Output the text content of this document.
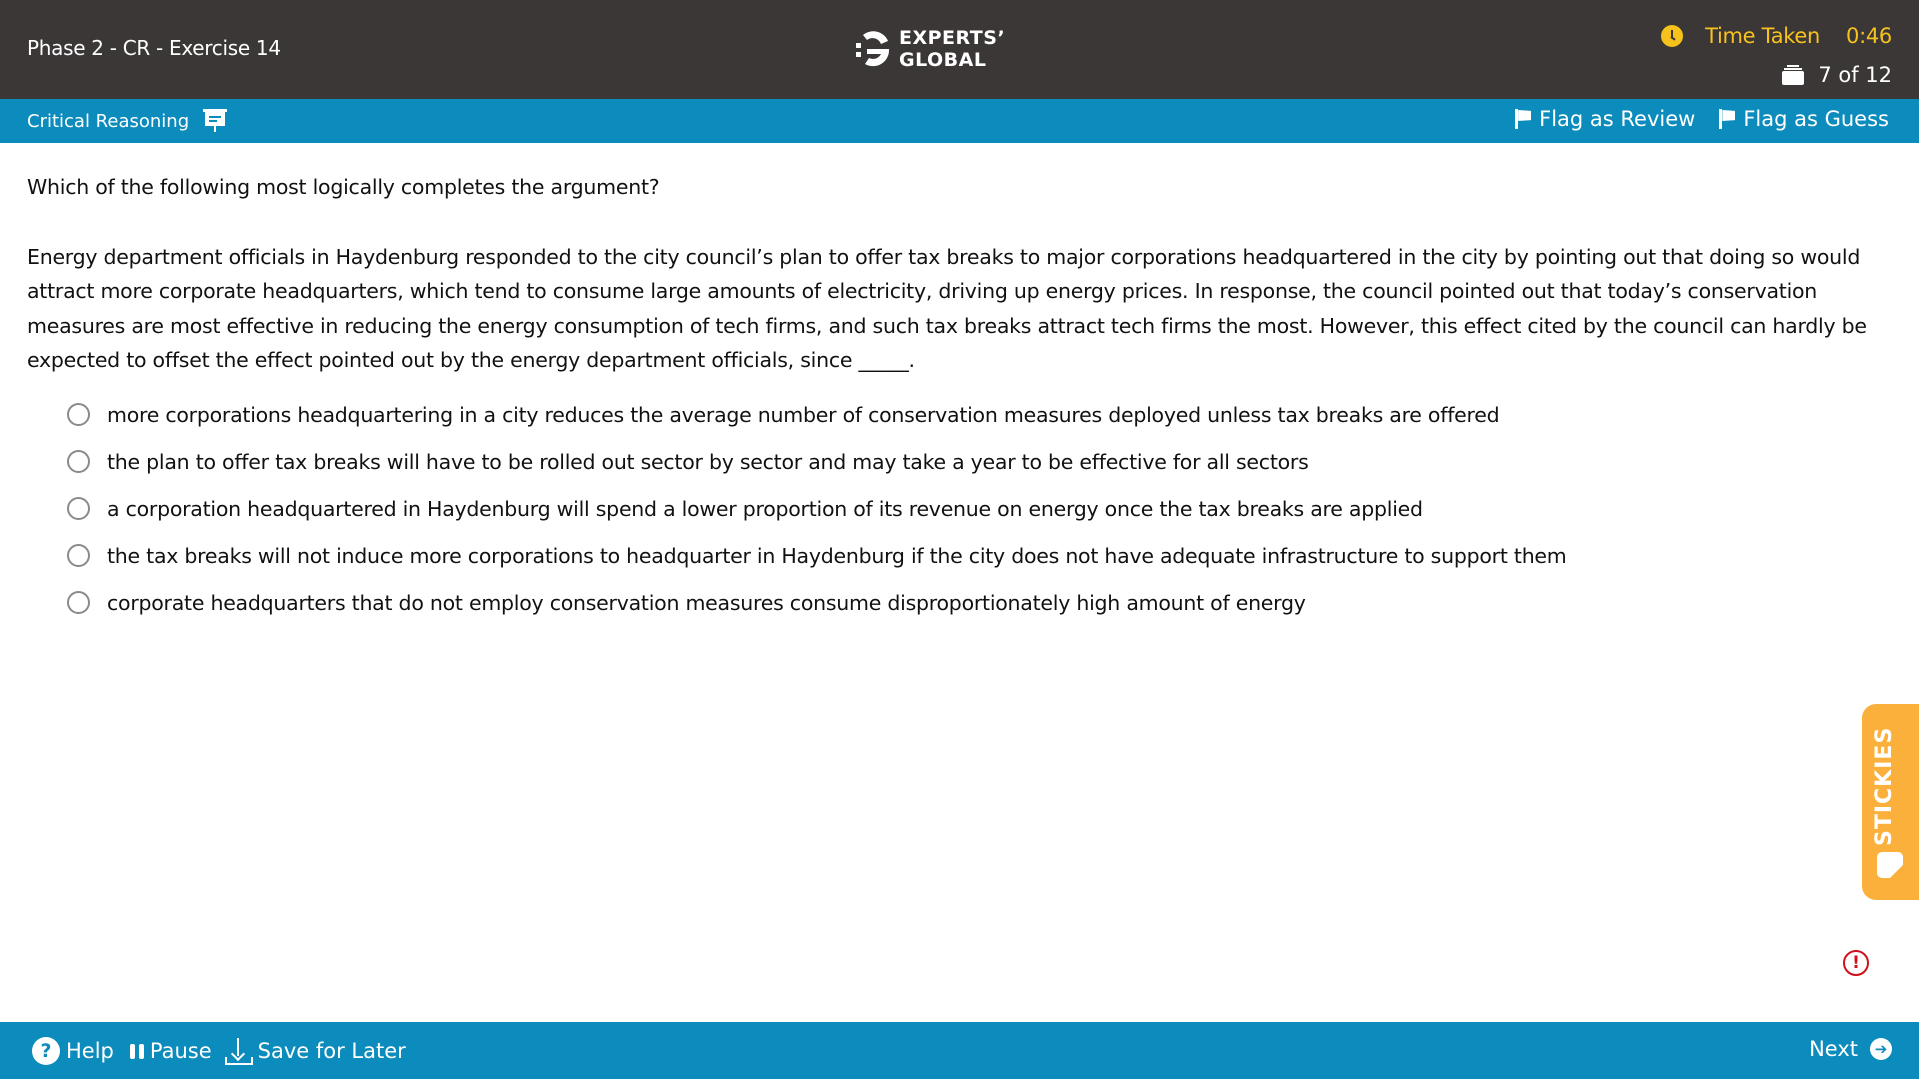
Phase 2 - CR - Exercise 14	EXPERTS’
GLOBAL
Time Taken 0:46
7 of 12
Critical Reasoning	Flag as Review Flag as Guess

Which of the following most logically completes the argument?

Energy department officials in Haydenburg responded to the city council’s plan to offer tax breaks to major corporations headquartered in the city by pointing out that doing so would attract more corporate headquarters, which tend to consume large amounts of electricity, driving up energy prices. In response, the council pointed out that today’s conservation measures are most effective in reducing the energy consumption of tech firms, and such tax breaks attract tech firms the most. However, this effect cited by the council can hardly be expected to offset the effect pointed out by the energy department officials, since _____.
more corporations headquartering in a city reduces the average number of conservation measures deployed unless tax breaks are offered
the plan to offer tax breaks will have to be rolled out sector by sector and may take a year to be effective for all sectors
a corporation headquartered in Haydenburg will spend a lower proportion of its revenue on energy once the tax breaks are applied
the tax breaks will not induce more corporations to headquarter in Haydenburg if the city does not have adequate infrastructure to support them
corporate headquarters that do not employ conservation measures consume disproportionately high amount of energy
STICKIES
!
? Help Pause Save for Later	Next	➔
